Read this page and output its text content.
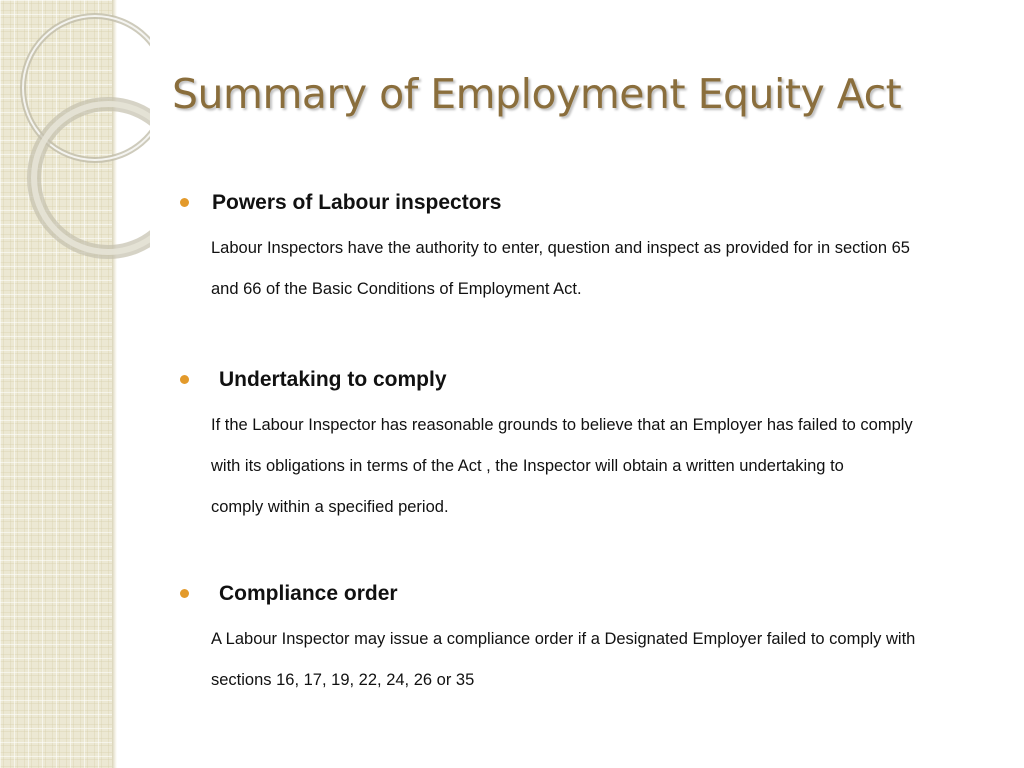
Summary of Employment Equity Act
Powers of Labour inspectors

Labour Inspectors have the authority to enter, question and inspect as provided for in section 65

and 66 of the Basic Conditions of Employment Act.

Undertaking to comply

If the Labour Inspector has reasonable grounds to believe that an Employer has failed to comply

with its obligations in terms of the Act , the Inspector will obtain a written undertaking to

comply within a specified period.

Compliance order

A Labour Inspector may issue a compliance order if a Designated Employer failed to comply with

sections 16, 17, 19, 22, 24, 26 or 35
